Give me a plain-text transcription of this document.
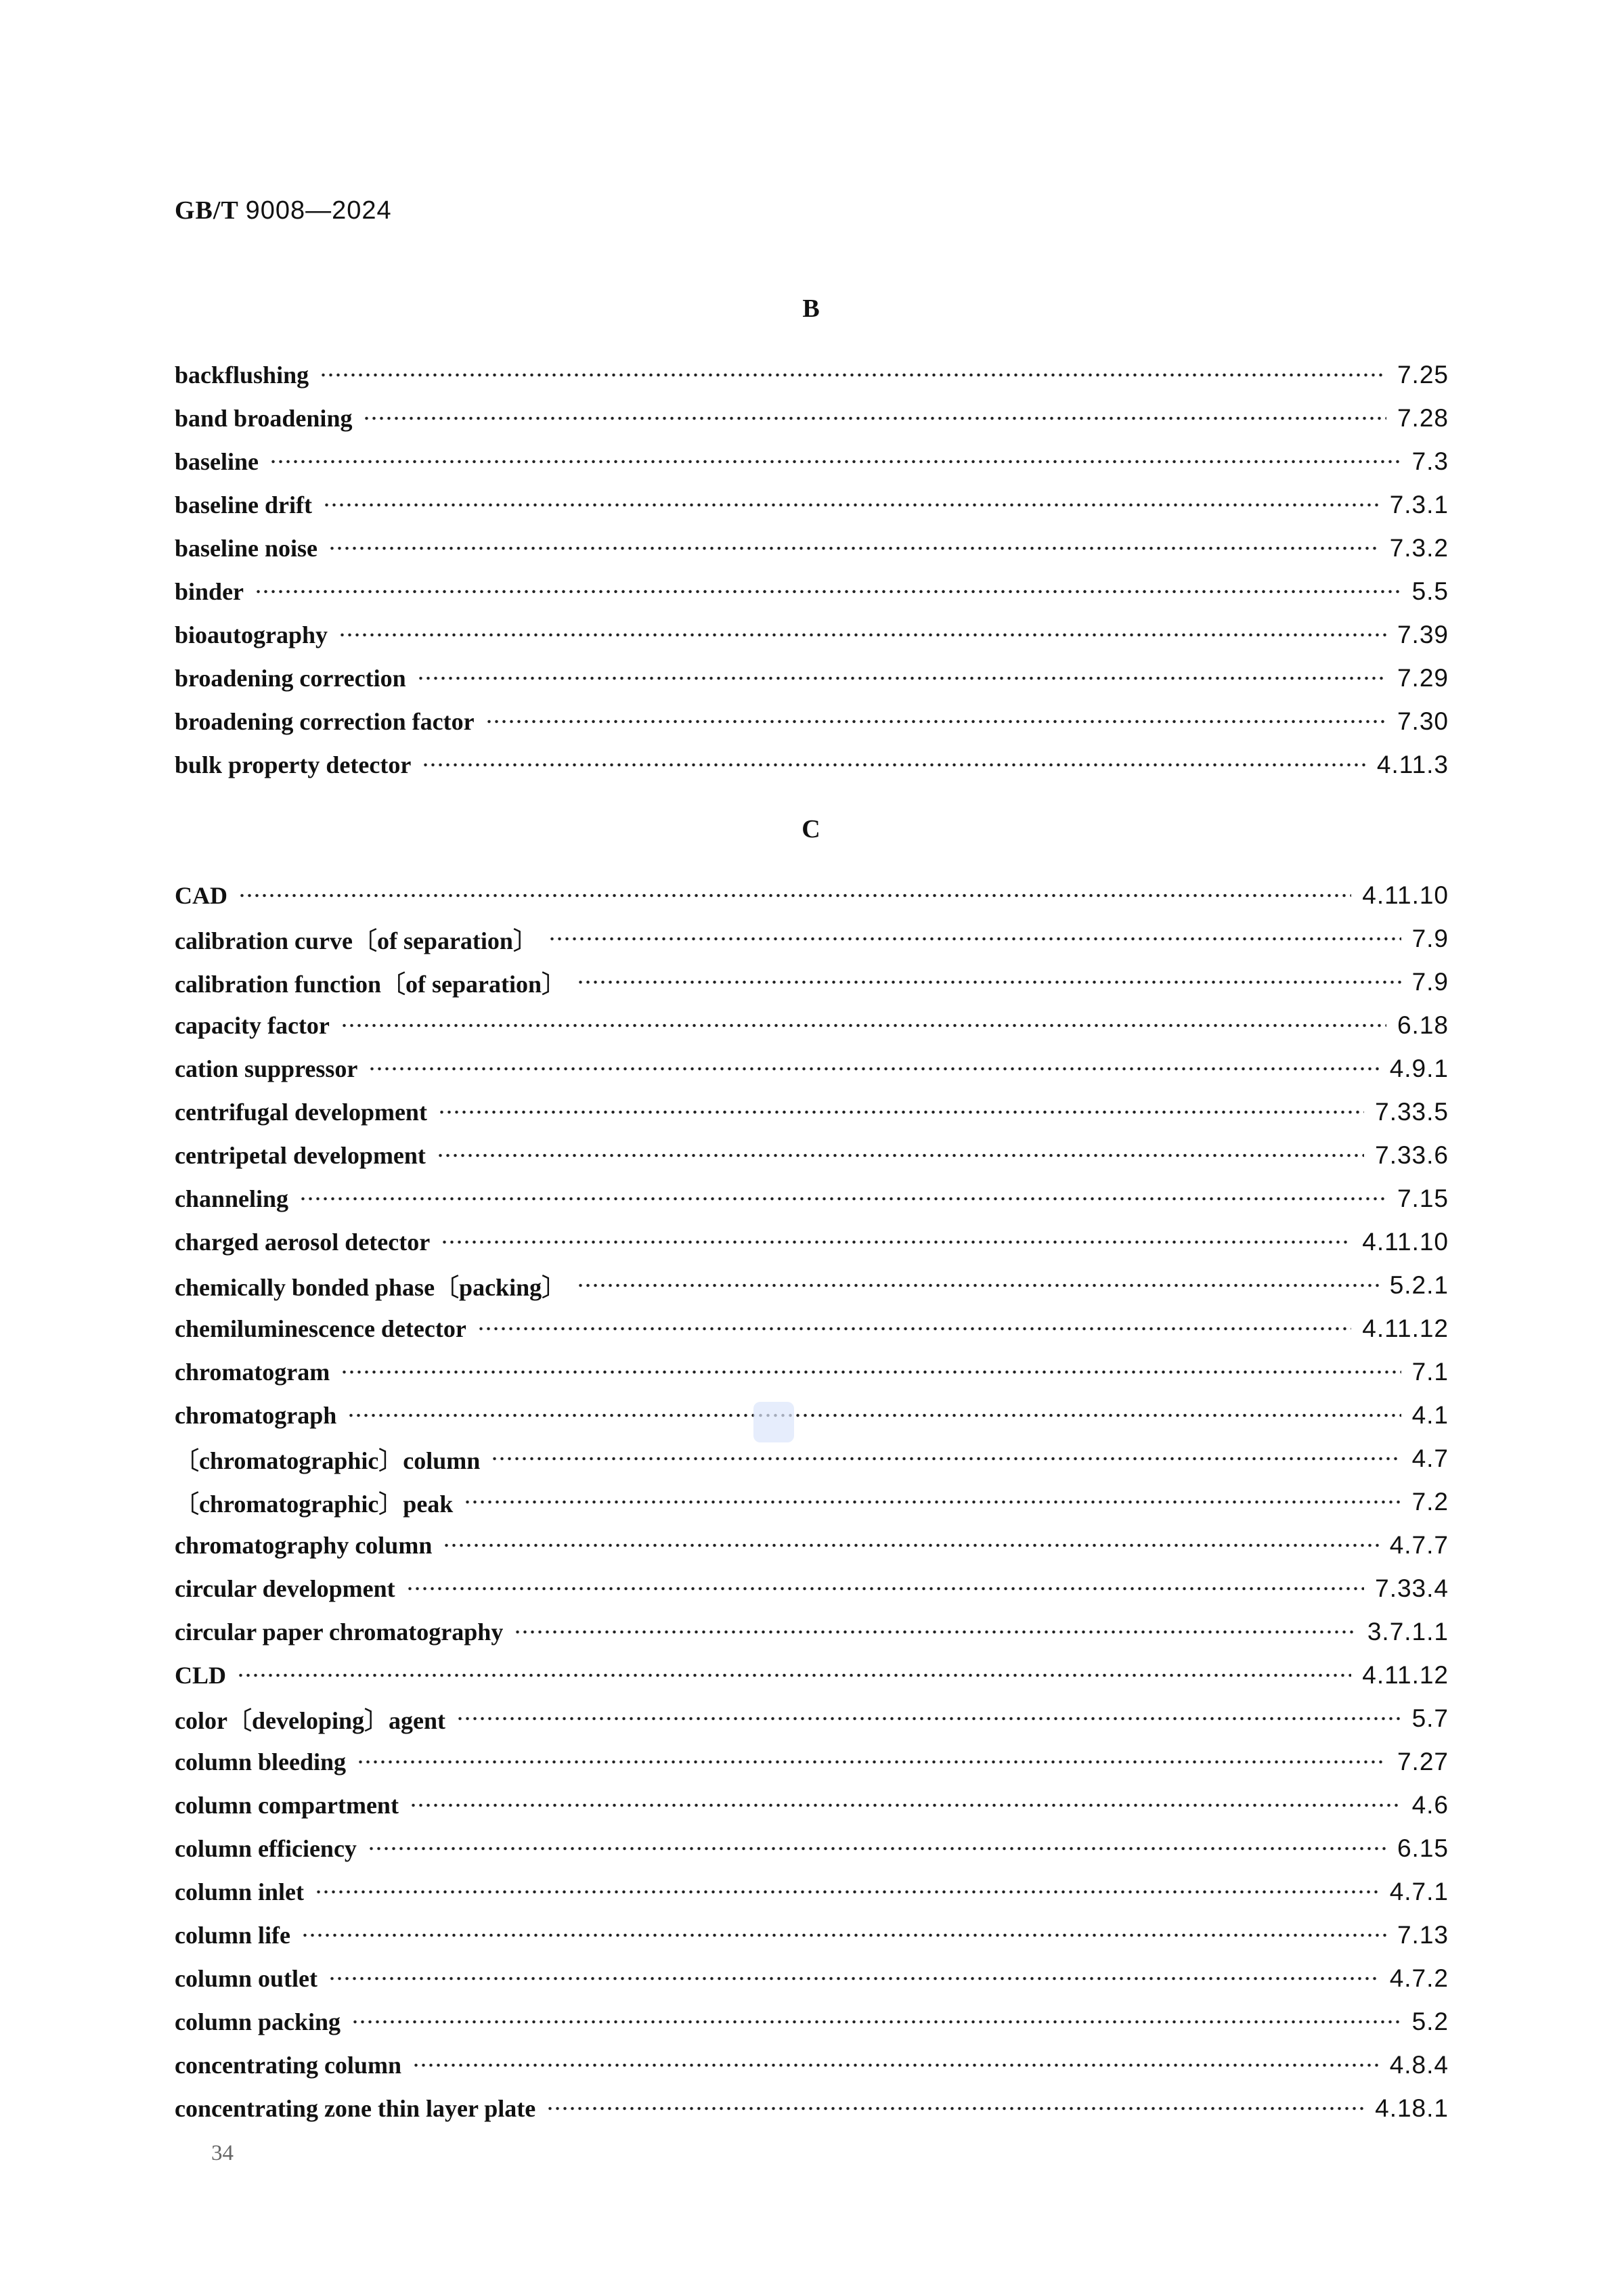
GB/T 9008—2024
B
backflushing	7.25
band broadening	7.28
baseline	7.3
baseline drift	7.3.1
baseline noise	7.3.2
binder	5.5
bioautography	7.39
broadening correction	7.29
broadening correction factor	7.30
bulk property detector	4.11.3
C
CAD	4.11.10
calibration curve〔of separation〕	7.9
calibration function〔of separation〕	7.9
capacity factor	6.18
cation suppressor	4.9.1
centrifugal development	7.33.5
centripetal development	7.33.6
channeling	7.15
charged aerosol detector	4.11.10
chemically bonded phase〔packing〕	5.2.1
chemiluminescence detector	4.11.12
chromatogram	7.1
chromatograph	4.1
〔chromatographic〕column	4.7
〔chromatographic〕peak	7.2
chromatography column	4.7.7
circular development	7.33.4
circular paper chromatography	3.7.1.1
CLD	4.11.12
color〔developing〕agent	5.7
column bleeding	7.27
column compartment	4.6
column efficiency	6.15
column inlet	4.7.1
column life	7.13
column outlet	4.7.2
column packing	5.2
concentrating column	4.8.4
concentrating zone thin layer plate	4.18.1
34
